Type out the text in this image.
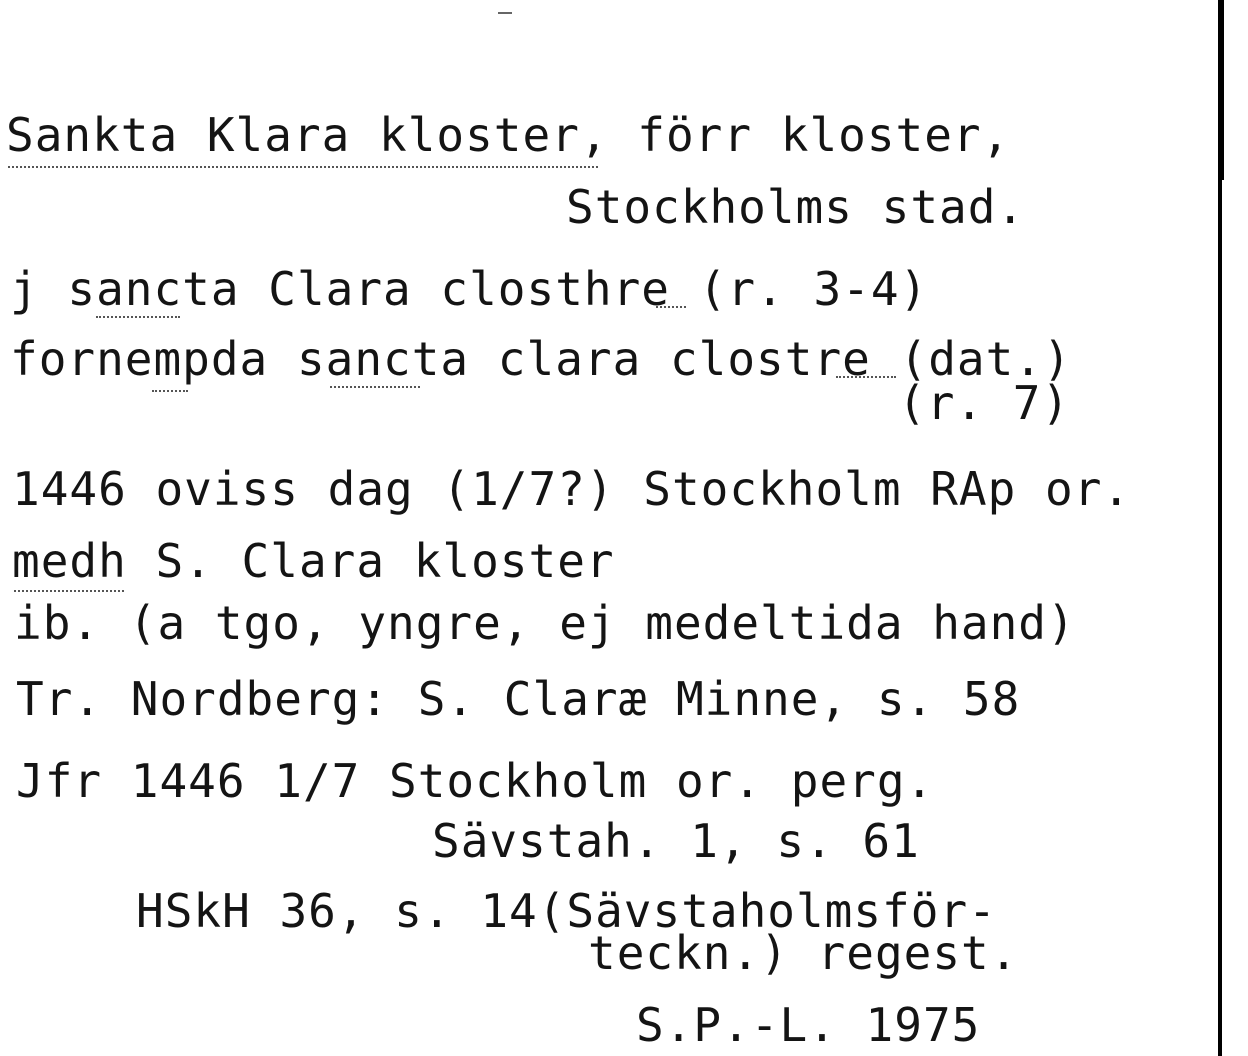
Sankta Klara kloster, förr kloster,
Stockholms stad.
j sancta Clara closthre (r. 3-4)
fornempda sancta clara clostre (dat.)
(r. 7)
1446 oviss dag (1/7?) Stockholm RAp or.
medh S. Clara kloster
ib. (a tgo, yngre, ej medeltida hand)
Tr. Nordberg: S. Claræ Minne, s. 58
Jfr 1446 1/7 Stockholm or. perg.
Sävstah. 1, s. 61
HSkH 36, s. 14(Sävstaholmsför-
teckn.) regest.
S.P.-L. 1975
